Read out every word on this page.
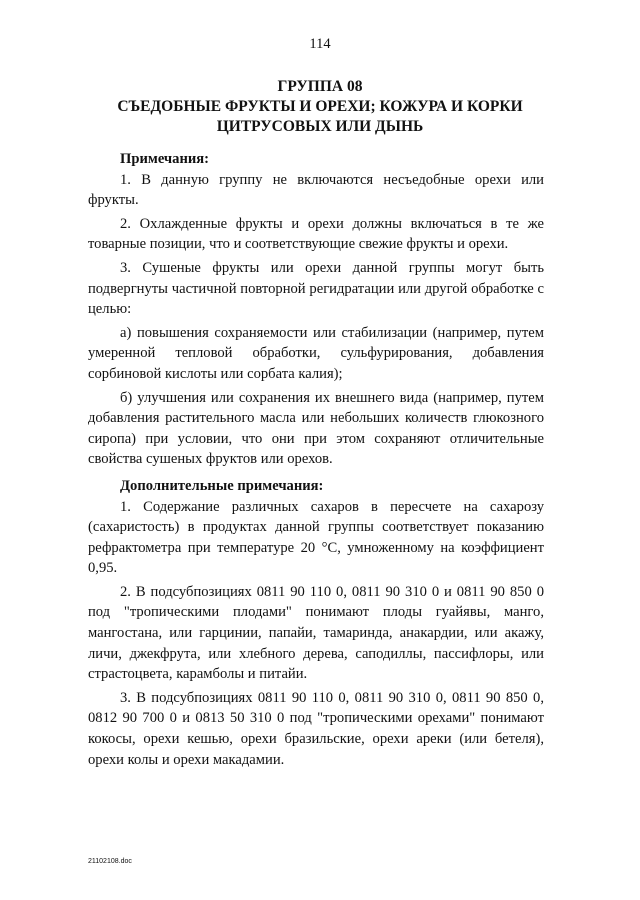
114
ГРУППА 08
СЪЕДОБНЫЕ ФРУКТЫ И ОРЕХИ; КОЖУРА И КОРКИ
ЦИТРУСОВЫХ ИЛИ ДЫНЬ

Примечания:

1. В данную группу не включаются несъедобные орехи или фрукты.

2. Охлажденные фрукты и орехи должны включаться в те же товарные позиции, что и соответствующие свежие фрукты и орехи.

3. Сушеные фрукты или орехи данной группы могут быть подвергнуты частичной повторной регидратации или другой обработке с целью:

а) повышения сохраняемости или стабилизации (например, путем умеренной тепловой обработки, сульфурирования, добавления сорбиновой кислоты или сорбата калия);

б) улучшения или сохранения их внешнего вида (например, путем добавления растительного масла или небольших количеств глюкозного сиропа) при условии, что они при этом сохраняют отличительные свойства сушеных фруктов или орехов.

Дополнительные примечания:

1. Содержание различных сахаров в пересчете на сахарозу (сахаристость) в продуктах данной группы соответствует показанию рефрактометра при температуре 20 °С, умноженному на коэффициент 0,95.

2. В подсубпозициях 0811 90 110 0, 0811 90 310 0 и 0811 90 850 0 под "тропическими плодами" понимают плоды гуайявы, манго, мангостана, или гарцинии, папайи, тамаринда, анакардии, или акажу, личи, джекфрута, или хлебного дерева, саподиллы, пассифлоры, или страстоцвета, карамболы и питайи.

3. В подсубпозициях 0811 90 110 0, 0811 90 310 0, 0811 90 850 0, 0812 90 700 0 и 0813 50 310 0 под "тропическими орехами" понимают кокосы, орехи кешью, орехи бразильские, орехи ареки (или бетеля), орехи колы и орехи макадамии.

21102108.doc
